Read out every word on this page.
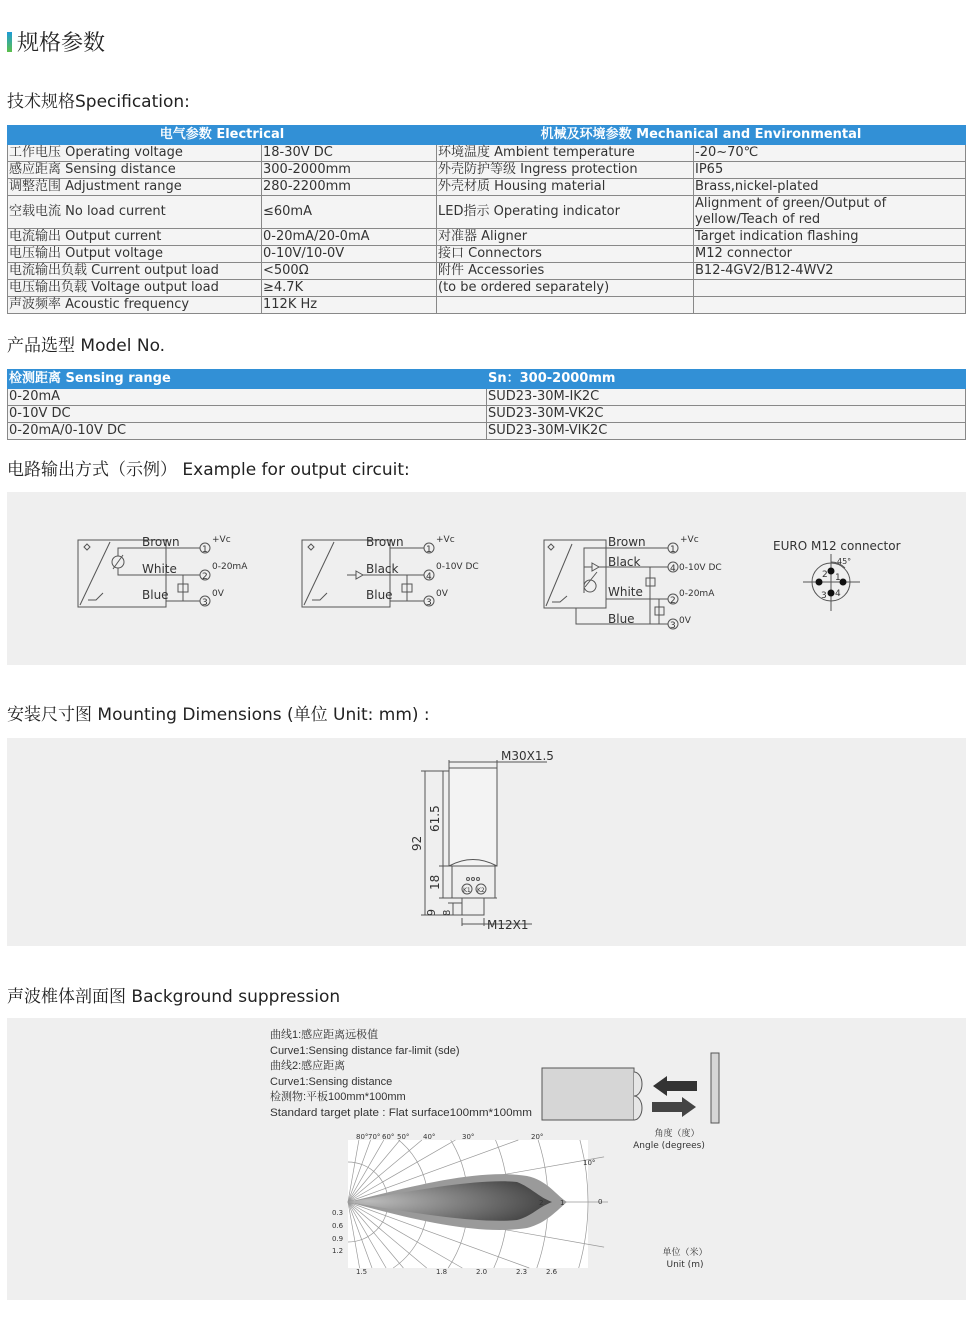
规格参数
技术规格Specification:
电气参数 Electrical		机械及环境参数 Mechanical and Environmental	
工作电压 Operating voltage	18-30V DC	环境温度 Ambient temperature	-20~70℃
感应距离 Sensing distance	300-2000mm	外壳防护等级 Ingress protection	IP65
调整范围 Adjustment range	280-2200mm	外壳材质 Housing material	Brass,nickel-plated
空载电流 No load current	≤60mA	LED指示 Operating indicator	Alignment of green/Output of
yellow/Teach of red

电流输出 Output current	0-20mA/20-0mA	对准器 Aligner	Target indication flashing
电压输出 Output voltage	0-10V/10-0V	接口 Connectors	M12 connector
电流输出负载 Current output load	<500Ω	附件 Accessories	B12-4GV2/B12-4WV2
电压输出负载 Voltage output load	≥4.7K	(to be ordered separately)	
声波频率 Acoustic frequency	112K Hz		
产品选型 Model No.
检测距离 Sensing range	Sn：300-2000mm
0-20mA	SUD23-30M-IK2C
0-10V DC	SUD23-30M-VK2C
0-20mA/0-10V DC	SUD23-30M-VIK2C
电路输出方式（示例） Example for output circuit:
Brown
White
Blue
1
2
3
+Vc
0-20mA
0V
Brown
Black
Blue
1
4
3
+Vc
0-10V DC
0V
Brown
Black
White
Blue
1
4
2
3
+Vc
0-10V DC
0-20mA
0V
EURO M12 connector
45°
1
2
3 4
安装尺寸图 Mounting Dimensions (单位 Unit: mm) :
M30X1.5
M12X1
92
61.5
18
9 8
K1 K2
声波椎体剖面图 Background suppression
曲线1:感应距离远极值
Curve1:Sensing distance far-limit (sde)
曲线2:感应距离
Curve1:Sensing distance
检测物:平板100mm*100mm
Standard target plate : Flat surface100mm*100mm
角度（度）
Angle (degrees)
80° 70° 60° 50° 40°	30°	20°
10°
0
0.3
0.6
0.9
1.2
1.5	1.8	2.0	2.3	2.6
1
2
单位（米）
Unit (m)
